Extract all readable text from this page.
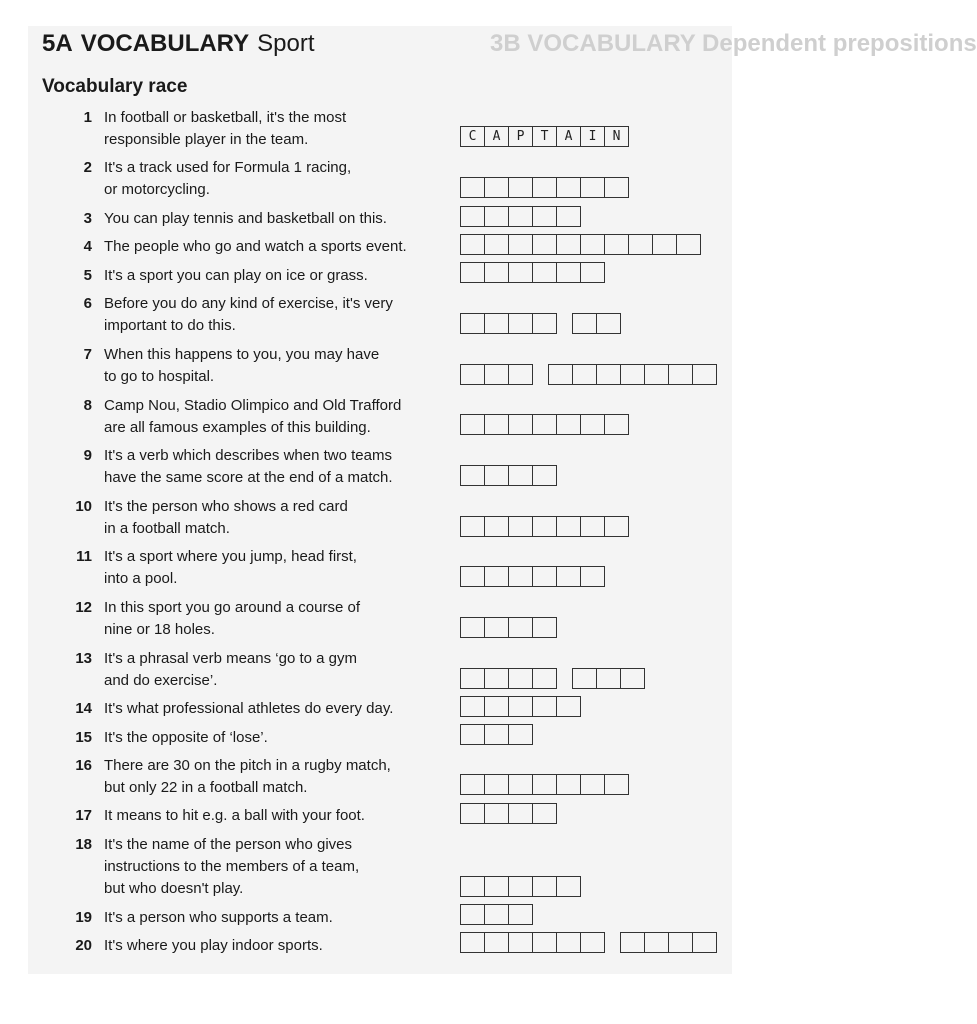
3B VOCABULARY Dependent prepositions
5A VOCABULARY Sport
Vocabulary race
1 In football or basketball, it's the most
responsible player in the team.	C	A	P	T	A	I	N
2 It's a track used for Formula 1 racing,
or motorcycling.
3 You can play tennis and basketball on this.
4 The people who go and watch a sports event.
5 It's a sport you can play on ice or grass.
6 Before you do any kind of exercise, it's very
important to do this.
7 When this happens to you, you may have
to go to hospital.
8 Camp Nou, Stadio Olimpico and Old Trafford
are all famous examples of this building.
9 It's a verb which describes when two teams
have the same score at the end of a match.
10 It's the person who shows a red card
in a football match.
11 It's a sport where you jump, head first,
into a pool.
12 In this sport you go around a course of
nine or 18 holes.
13 It's a phrasal verb means ‘go to a gym
and do exercise’.
14 It's what professional athletes do every day.
15 It's the opposite of ‘lose’.
16 There are 30 on the pitch in a rugby match,
but only 22 in a football match.
17 It means to hit e.g. a ball with your foot.
18 It's the name of the person who gives
instructions to the members of a team,
but who doesn't play.
19 It's a person who supports a team.
20 It's where you play indoor sports.
